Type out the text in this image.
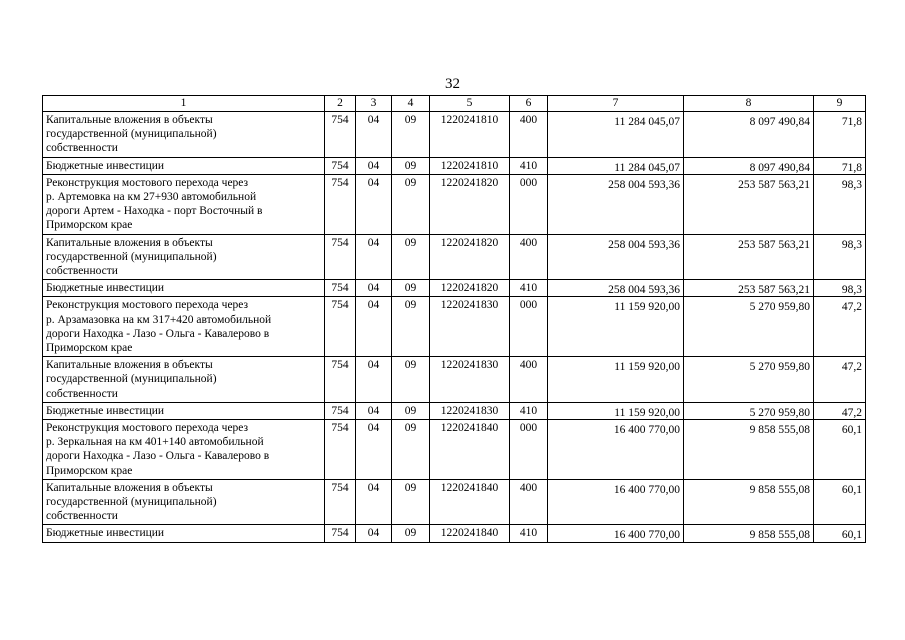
32
1	2	3	4	5	6	7	8	9
Капитальные вложения в объекты
государственной (муниципальной)
собственности	754	04	09	1220241810	400	11 284 045,07	8 097 490,84	71,8
Бюджетные инвестиции	754	04	09	1220241810	410	11 284 045,07	8 097 490,84	71,8
Реконструкция мостового перехода через
р. Артемовка на км 27+930 автомобильной
дороги Артем - Находка - порт Восточный в
Приморском крае	754	04	09	1220241820	000	258 004 593,36	253 587 563,21	98,3
Капитальные вложения в объекты
государственной (муниципальной)
собственности	754	04	09	1220241820	400	258 004 593,36	253 587 563,21	98,3
Бюджетные инвестиции	754	04	09	1220241820	410	258 004 593,36	253 587 563,21	98,3
Реконструкция мостового перехода через
р. Арзамазовка на км 317+420 автомобильной
дороги Находка - Лазо - Ольга - Кавалерово в
Приморском крае	754	04	09	1220241830	000	11 159 920,00	5 270 959,80	47,2
Капитальные вложения в объекты
государственной (муниципальной)
собственности	754	04	09	1220241830	400	11 159 920,00	5 270 959,80	47,2
Бюджетные инвестиции	754	04	09	1220241830	410	11 159 920,00	5 270 959,80	47,2
Реконструкция мостового перехода через
р. Зеркальная на км 401+140 автомобильной
дороги Находка - Лазо - Ольга - Кавалерово в
Приморском крае	754	04	09	1220241840	000	16 400 770,00	9 858 555,08	60,1
Капитальные вложения в объекты
государственной (муниципальной)
собственности	754	04	09	1220241840	400	16 400 770,00	9 858 555,08	60,1
Бюджетные инвестиции	754	04	09	1220241840	410	16 400 770,00	9 858 555,08	60,1
